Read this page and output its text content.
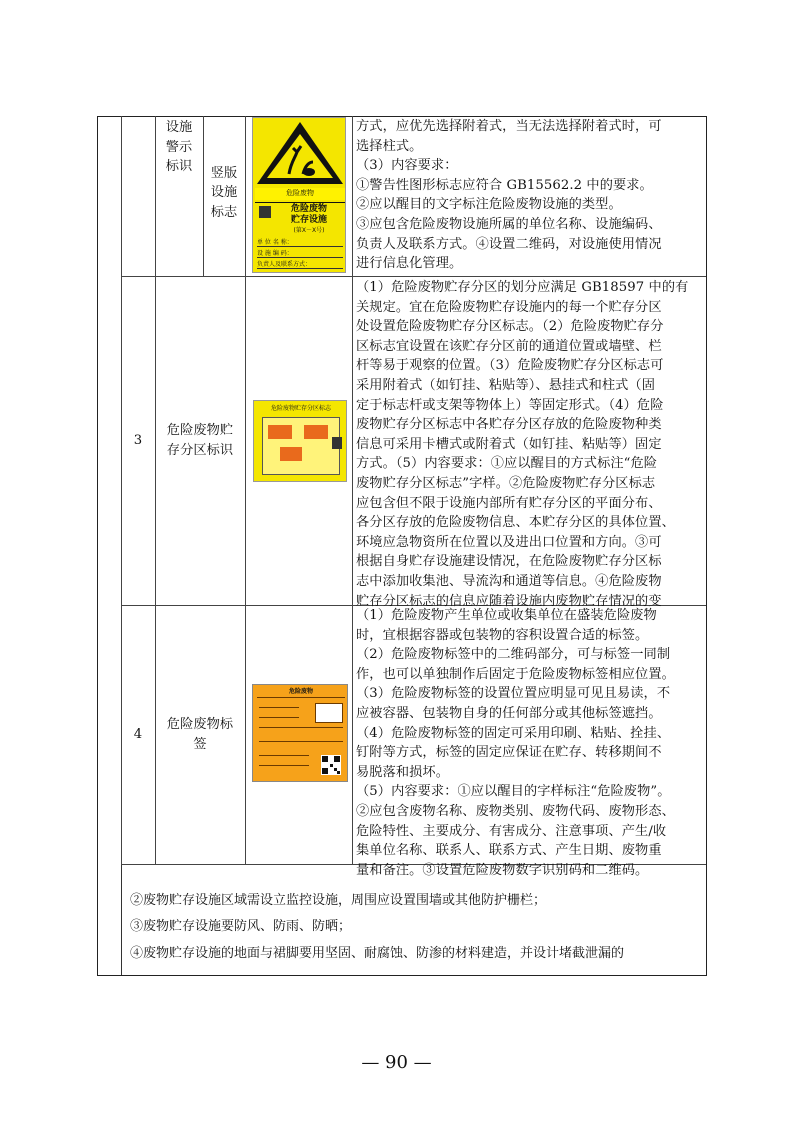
设施警示标识 竖版设施标志
危险废物
危险废物
贮存设施
(第X－X号)
单 位 名 称：
设 施 编 码：
负责人及联系方式：

方式，应优先选择附着式，当无法选择附着式时，可

选择柱式。

（3）内容要求：

①警告性图形标志应符合 GB15562.2 中的要求。

②应以醒目的文字标注危险废物设施的类型。

③应包含危险废物设施所属的单位名称、设施编码、

负责人及联系方式。④设置二维码，对设施使用情况

进行信息化管理。

3
危险废物贮存分区标识
危险废物贮存分区标志

（1）危险废物贮存分区的划分应满足 GB18597 中的有

关规定。宜在危险废物贮存设施内的每一个贮存分区

处设置危险废物贮存分区标志。（2）危险废物贮存分

区标志宜设置在该贮存分区前的通道位置或墙壁、栏

杆等易于观察的位置。（3）危险废物贮存分区标志可

采用附着式（如钉挂、粘贴等）、悬挂式和柱式（固

定于标志杆或支架等物体上）等固定形式。（4）危险

废物贮存分区标志中各贮存分区存放的危险废物种类

信息可采用卡槽式或附着式（如钉挂、粘贴等）固定

方式。（5）内容要求：①应以醒目的方式标注“危险

废物贮存分区标志”字样。②危险废物贮存分区标志

应包含但不限于设施内部所有贮存分区的平面分布、

各分区存放的危险废物信息、本贮存分区的具体位置、

环境应急物资所在位置以及进出口位置和方向。③可

根据自身贮存设施建设情况，在危险废物贮存分区标

志中添加收集池、导流沟和通道等信息。④危险废物

贮存分区标志的信息应随着设施内废物贮存情况的变

4
危险废物标签
危险废物

（1）危险废物产生单位或收集单位在盛装危险废物

时，宜根据容器或包装物的容积设置合适的标签。

（2）危险废物标签中的二维码部分，可与标签一同制

作，也可以单独制作后固定于危险废物标签相应位置。

（3）危险废物标签的设置位置应明显可见且易读，不

应被容器、包装物自身的任何部分或其他标签遮挡。

（4）危险废物标签的固定可采用印刷、粘贴、拴挂、

钉附等方式，标签的固定应保证在贮存、转移期间不

易脱落和损坏。

（5）内容要求：①应以醒目的字样标注“危险废物”。

②应包含废物名称、废物类别、废物代码、废物形态、

危险特性、主要成分、有害成分、注意事项、产生/收

集单位名称、联系人、联系方式、产生日期、废物重

量和备注。③设置危险废物数字识别码和二维码。

②废物贮存设施区域需设立监控设施，周围应设置围墙或其他防护栅栏；
③废物贮存设施要防风、防雨、防晒；
④废物贮存设施的地面与裙脚要用坚固、耐腐蚀、防渗的材料建造，并设计堵截泄漏的
— 90 —
